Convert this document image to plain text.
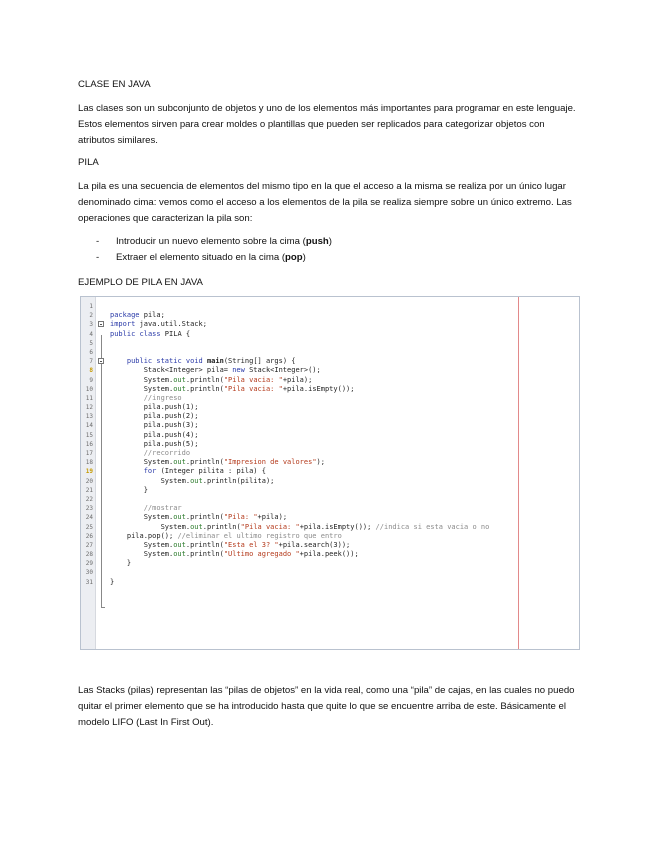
CLASE EN JAVA
Las clases son un subconjunto de objetos y uno de los elementos más importantes para programar en este lenguaje. Estos elementos sirven para crear moldes o plantillas que pueden ser replicados para categorizar objetos con atributos similares.
PILA
La pila es una secuencia de elementos del mismo tipo en la que el acceso a la misma se realiza por un único lugar denominado cima: vemos como el acceso a los elementos de la pila se realiza siempre sobre un único extremo. Las operaciones que caracterizan la pila son:
- Introducir un nuevo elemento sobre la cima (push)
- Extraer el elemento situado en la cima (pop)
EJEMPLO DE PILA EN JAVA
1
2 package pila;
3 import java.util.Stack;
4 public class PILA {
5
6
7	public static void main(String[] args) {
8 Stack<Integer> pila= new Stack<Integer>();
9 System.out.println("Pila vacia: "+pila);
10 System.out.println("Pila vacia: "+pila.isEmpty());
11	//ingreso
12 pila.push(1);
13 pila.push(2);
14 pila.push(3);
15 pila.push(4);
16 pila.push(5);
17	//recorrido
18 System.out.println("Impresion de valores");
19	for (Integer pilita : pila) {
20 System.out.println(pilita);
21 }
22
23	//mostrar
24 System.out.println("Pila: "+pila);
25 System.out.println("Pila vacia: "+pila.isEmpty()); //indica si esta vacia o no
26 pila.pop(); //eliminar el ultimo registro que entro
27 System.out.println("Esta el 3? "+pila.search(3));
28 System.out.println("Ultimo agregado "+pila.peek());
29 }
30
31 }
Las Stacks (pilas) representan las “pilas de objetos” en la vida real, como una “pila” de cajas, en las cuales no puedo quitar el primer elemento que se ha introducido hasta que quite lo que se encuentre arriba de este. Básicamente el modelo LIFO (Last In First Out).
